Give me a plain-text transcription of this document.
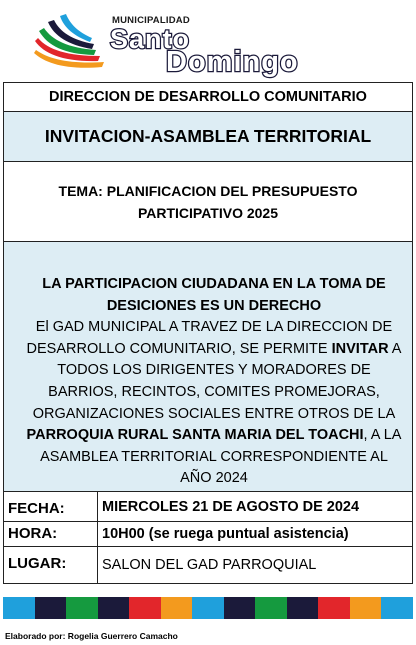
MUNICIPALIDAD
Santo
Domingo
DIRECCION DE DESARROLLO COMUNITARIO
INVITACION-ASAMBLEA TERRITORIAL
TEMA: PLANIFICACION DEL PRESUPUESTO
PARTICIPATIVO 2025
LA PARTICIPACION CIUDADANA EN LA TOMA DE
DESICIONES ES UN DERECHO
El GAD MUNICIPAL A TRAVEZ DE LA DIRECCION DE DESARROLLO COMUNITARIO, SE PERMITE INVITAR A TODOS LOS DIRIGENTES Y MORADORES DE BARRIOS, RECINTOS, COMITES PROMEJORAS, ORGANIZACIONES SOCIALES ENTRE OTROS DE LA PARROQUIA RURAL SANTA MARIA DEL TOACHI, A LA ASAMBLEA TERRITORIAL CORRESPONDIENTE AL AÑO 2024
FECHA:	MIERCOLES 21 DE AGOSTO DE 2024
HORA:	10H00 (se ruega puntual asistencia)
LUGAR:	SALON DEL GAD PARROQUIAL
Elaborado por: Rogelia Guerrero Camacho
